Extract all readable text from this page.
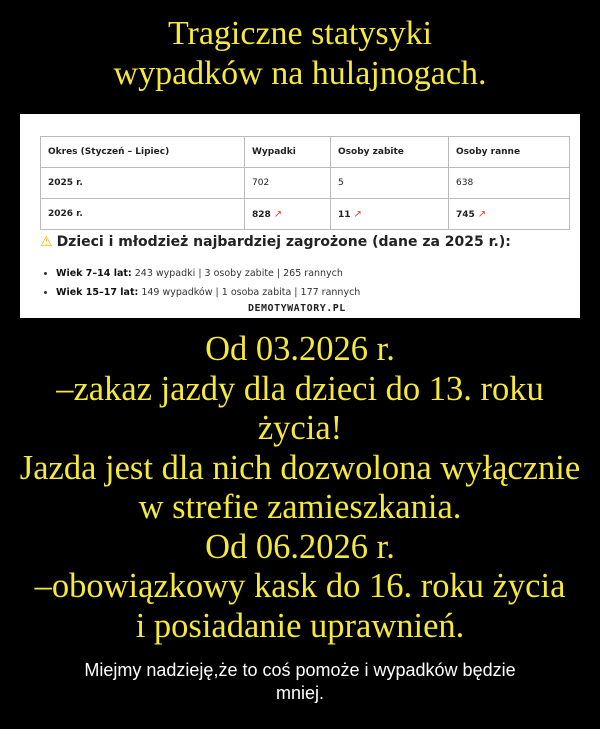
Tragiczne statysyki
wypadków na hulajnogach.
Okres (Styczeń – Lipiec)	Wypadki	Osoby zabite	Osoby ranne
2025 r.	702	5	638
2026 r.	828 ↗	11 ↗	745 ↗
⚠ Dzieci i młodzież najbardziej zagrożone (dane za 2025 r.):
• Wiek 7–14 lat: 243 wypadki | 3 osoby zabite | 265 rannych
• Wiek 15–17 lat: 149 wypadków | 1 osoba zabita | 177 rannych
DEMOTYWATORY.PL
Od 03.2026 r.
–zakaz jazdy dla dzieci do 13. roku
życia!
Jazda jest dla nich dozwolona wyłącznie
w strefie zamieszkania.
Od 06.2026 r.
–obowiązkowy kask do 16. roku życia
i posiadanie uprawnień.
Miejmy nadzieję,że to coś pomoże i wypadków będzie
mniej.
